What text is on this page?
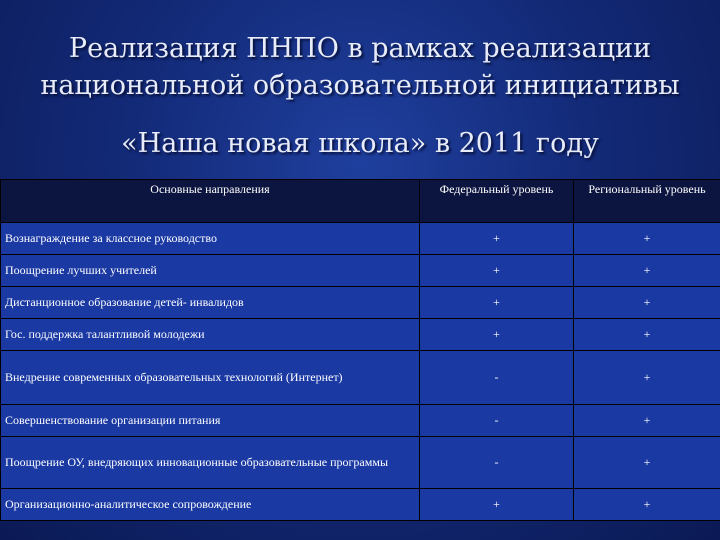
Реализация ПНПО в рамках реализации
национальной образовательной инициативы
«Наша новая школа» в 2011 году
Основные направления	Федеральный уровень	Региональный уровень
Вознаграждение за классное руководство	+	+
Поощрение лучших учителей	+	+
Дистанционное образование детей- инвалидов	+	+
Гос. поддержка талантливой молодежи	+	+
Внедрение современных образовательных технологий (Интернет)	-	+
Совершенствование организации питания	-	+
Поощрение ОУ, внедряющих инновационные образовательные программы	-	+
Организационно-аналитическое сопровождение	+	+
